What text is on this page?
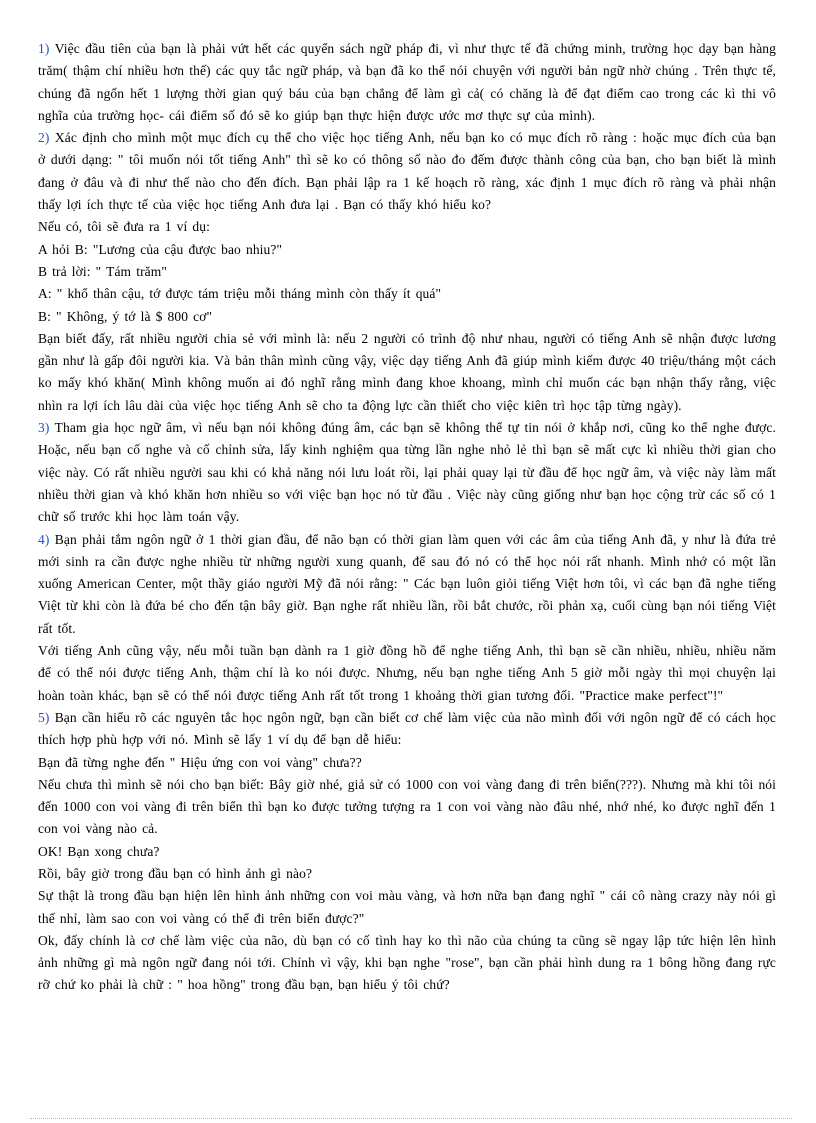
1) Việc đầu tiên của bạn là phải vứt hết các quyển sách ngữ pháp đi, vì như thực tế đã chứng minh, trường học dạy bạn hàng trăm( thậm chí nhiều hơn thế) các quy tắc ngữ pháp, và bạn đã ko thể nói chuyện với người bản ngữ nhờ chúng . Trên thực tế, chúng đã ngốn hết 1 lượng thời gian quý báu của bạn chẳng để làm gì cả( có chăng là để đạt điểm cao trong các kì thi vô nghĩa của trường học- cái điểm số đó sẽ ko giúp bạn thực hiện được ước mơ thực sự của mình).

2) Xác định cho mình một mục đích cụ thể cho việc học tiếng Anh, nếu bạn ko có mục đích rõ ràng : hoặc mục đích của bạn ở dưới dạng: " tôi muốn nói tốt tiếng Anh" thì sẽ ko có thông số nào đo đếm được thành công của bạn, cho bạn biết là mình đang ở đâu và đi như thế nào cho đến đích. Bạn phải lập ra 1 kế hoạch rõ ràng, xác định 1 mục đích rõ ràng và phải nhận thấy lợi ích thực tế của việc học tiếng Anh đưa lại . Bạn có thấy khó hiểu ko?

Nếu có, tôi sẽ đưa ra 1 ví dụ:

A hỏi B: "Lương của cậu được bao nhiu?"

B trả lời: " Tám trăm"

A: " khổ thân cậu, tớ được tám triệu mỗi tháng mình còn thấy ít quá"

B: " Không, ý tớ là $ 800 cơ"

Bạn biết đấy, rất nhiều người chia sẻ với mình là: nếu 2 người có trình độ như nhau, người có tiếng Anh sẽ nhận được lương gần như là gấp đôi người kia. Và bản thân mình cũng vậy, việc dạy tiếng Anh đã giúp mình kiếm được 40 triệu/tháng một cách ko mấy khó khăn( Mình không muốn ai đó nghĩ rằng mình đang khoe khoang, mình chỉ muốn các bạn nhận thấy rằng, việc nhìn ra lợi ích lâu dài của việc học tiếng Anh sẽ cho ta động lực cần thiết cho việc kiên trì học tập từng ngày).

3) Tham gia học ngữ âm, vì nếu bạn nói không đúng âm, các bạn sẽ không thể tự tin nói ở khắp nơi, cũng ko thể nghe được. Hoặc, nếu bạn cố nghe và cố chỉnh sửa, lấy kinh nghiệm qua từng lần nghe nhỏ lẻ thì bạn sẽ mất cực kì nhiều thời gian cho việc này. Có rất nhiều người sau khi có khả năng nói lưu loát rồi, lại phải quay lại từ đầu để học ngữ âm, và việc này làm mất nhiều thời gian và khó khăn hơn nhiều so với việc bạn học nó từ đầu . Việc này cũng giống như bạn học cộng trừ các số có 1 chữ số trước khi học làm toán vậy.

4) Bạn phải tắm ngôn ngữ ở 1 thời gian đầu, để não bạn có thời gian làm quen với các âm của tiếng Anh đã, y như là đứa trẻ mới sinh ra cần được nghe nhiều từ những người xung quanh, để sau đó nó có thể học nói rất nhanh. Mình nhớ có một lần xuống American Center, một thầy giáo người Mỹ đã nói rằng: " Các bạn luôn giỏi tiếng Việt hơn tôi, vì các bạn đã nghe tiếng Việt từ khi còn là đứa bé cho đến tận bây giờ. Bạn nghe rất nhiều lần, rồi bắt chước, rồi phản xạ, cuối cùng bạn nói tiếng Việt rất tốt.

Với tiếng Anh cũng vậy, nếu mỗi tuần bạn dành ra 1 giờ đồng hồ để nghe tiếng Anh, thì bạn sẽ cần nhiều, nhiều, nhiều năm để có thể nói được tiếng Anh, thậm chí là ko nói được. Nhưng, nếu bạn nghe tiếng Anh 5 giờ mỗi ngày thì mọi chuyện lại hoàn toàn khác, bạn sẽ có thể nói được tiếng Anh rất tốt trong 1 khoảng thời gian tương đối. "Practice make perfect"!"

5) Bạn cần hiểu rõ các nguyên tắc học ngôn ngữ, bạn cần biết cơ chế làm việc của não mình đối với ngôn ngữ để có cách học thích hợp phù hợp với nó. Mình sẽ lấy 1 ví dụ để bạn dễ hiểu:

Bạn đã từng nghe đến " Hiệu ứng con voi vàng" chưa??

Nếu chưa thì mình sẽ nói cho bạn biết: Bây giờ nhé, giả sử có 1000 con voi vàng đang đi trên biển(???). Nhưng mà khi tôi nói đến 1000 con voi vàng đi trên biển thì bạn ko được tưởng tượng ra 1 con voi vàng nào đâu nhé, nhớ nhé, ko được nghĩ đến 1 con voi vàng nào cả.

OK! Bạn xong chưa?

Rồi, bây giờ trong đầu bạn có hình ảnh gì nào?

Sự thật là trong đầu bạn hiện lên hình ảnh những con voi màu vàng, và hơn nữa bạn đang nghĩ " cái cô nàng crazy này nói gì thế nhỉ, làm sao con voi vàng có thể đi trên biển được?"

Ok, đấy chính là cơ chế làm việc của não, dù bạn có cố tình hay ko thì não của chúng ta cũng sẽ ngay lập tức hiện lên hình ảnh những gì mà ngôn ngữ đang nói tới. Chính vì vậy, khi bạn nghe "rose", bạn cần phải hình dung ra 1 bông hồng đang rực rỡ chứ ko phải là chữ : " hoa hồng" trong đầu bạn, bạn hiểu ý tôi chứ?
